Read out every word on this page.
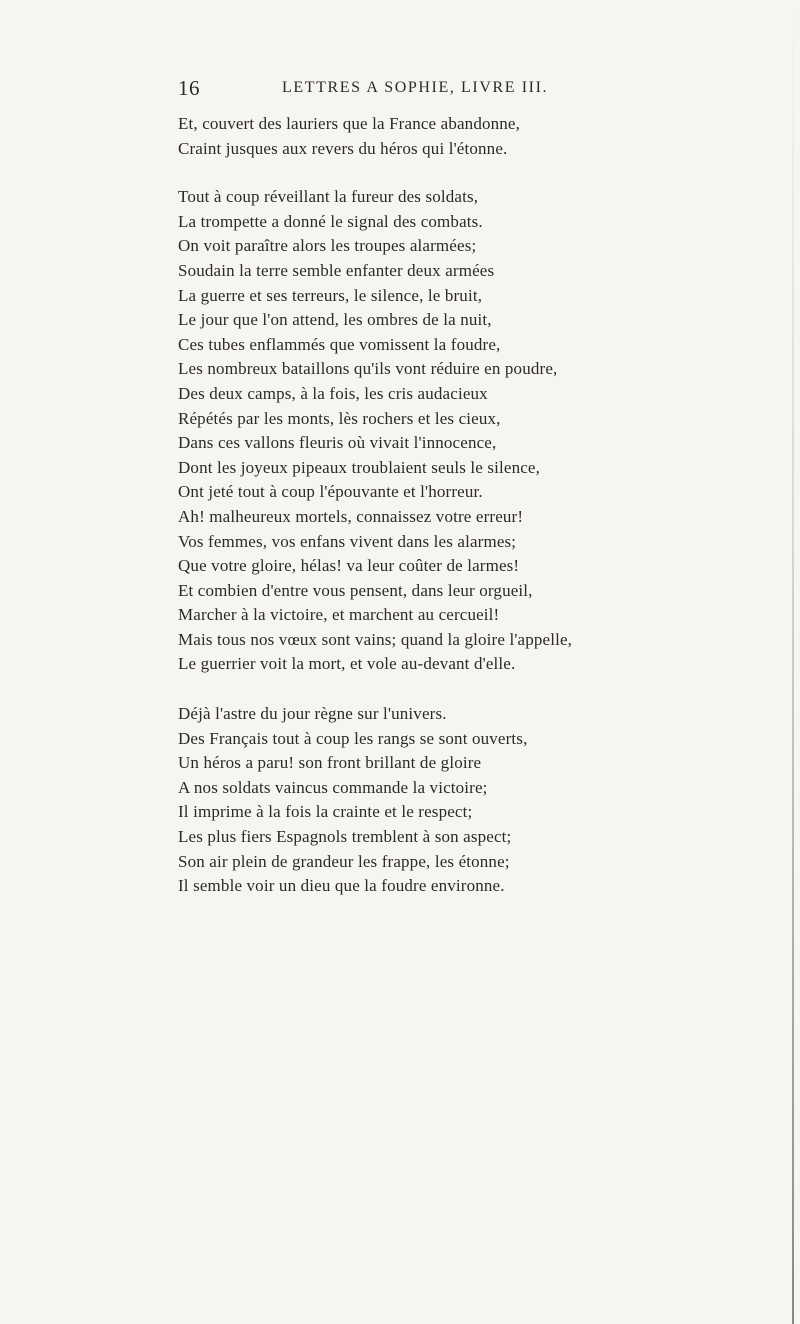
16	LETTRES A SOPHIE, LIVRE III.
Et, couvert des lauriers que la France abandonne,
Craint jusques aux revers du héros qui l'étonne.
Tout à coup réveillant la fureur des soldats,
La trompette a donné le signal des combats.
On voit paraître alors les troupes alarmées;
Soudain la terre semble enfanter deux armées
La guerre et ses terreurs, le silence, le bruit,
Le jour que l'on attend, les ombres de la nuit,
Ces tubes enflammés que vomissent la foudre,
Les nombreux bataillons qu'ils vont réduire en poudre,
Des deux camps, à la fois, les cris audacieux
Répétés par les monts, lès rochers et les cieux,
Dans ces vallons fleuris où vivait l'innocence,
Dont les joyeux pipeaux troublaient seuls le silence,
Ont jeté tout à coup l'épouvante et l'horreur.
Ah! malheureux mortels, connaissez votre erreur!
Vos femmes, vos enfans vivent dans les alarmes;
Que votre gloire, hélas! va leur coûter de larmes!
Et combien d'entre vous pensent, dans leur orgueil,
Marcher à la victoire, et marchent au cercueil!
Mais tous nos vœux sont vains; quand la gloire l'appelle,
Le guerrier voit la mort, et vole au-devant d'elle.
Déjà l'astre du jour règne sur l'univers.
Des Français tout à coup les rangs se sont ouverts,
Un héros a paru! son front brillant de gloire
A nos soldats vaincus commande la victoire;
Il imprime à la fois la crainte et le respect;
Les plus fiers Espagnols tremblent à son aspect;
Son air plein de grandeur les frappe, les étonne;
Il semble voir un dieu que la foudre environne.
